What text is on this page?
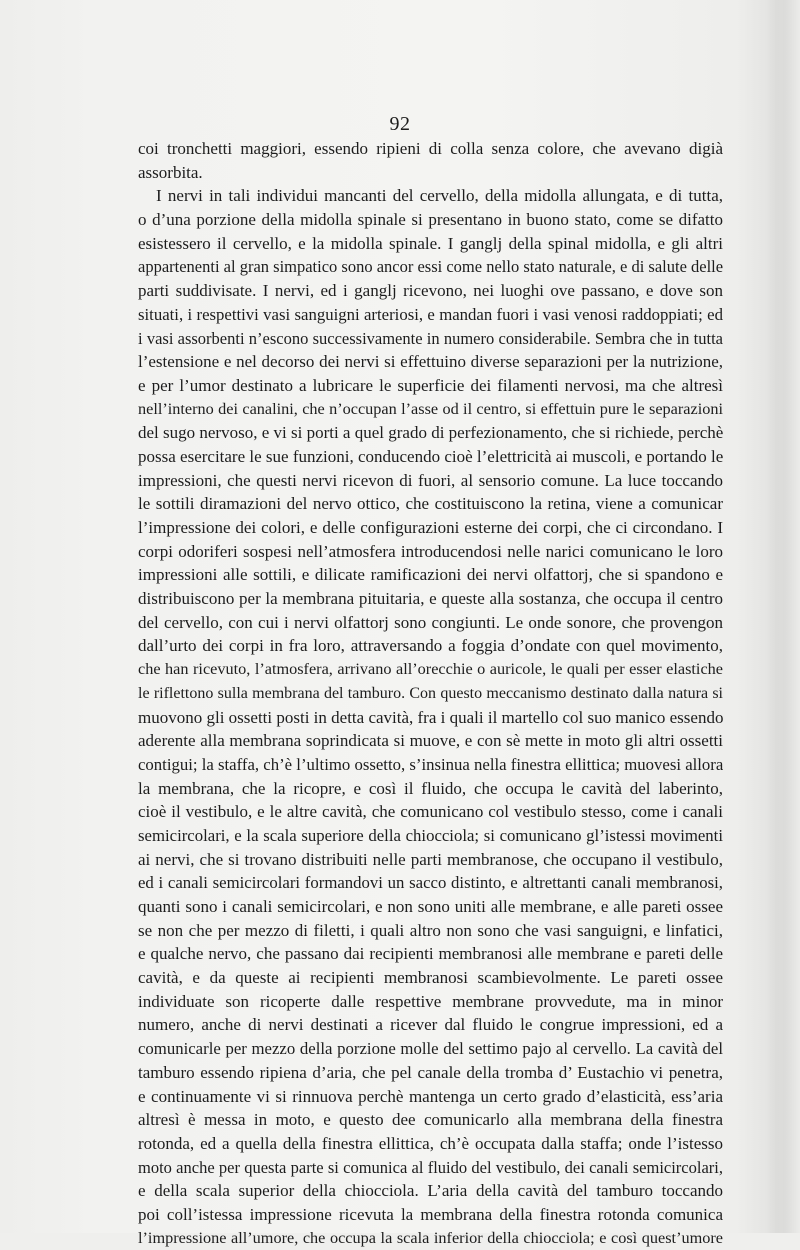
92
coi tronchetti maggiori, essendo ripieni di colla senza colore, che avevano digià
assorbita.
I nervi in tali individui mancanti del cervello, della midolla allungata, e di tutta,
o d’una porzione della midolla spinale si presentano in buono stato, come se difatto
esistessero il cervello, e la midolla spinale. I ganglj della spinal midolla, e gli altri
appartenenti al gran simpatico sono ancor essi come nello stato naturale, e di salute delle
parti suddivisate. I nervi, ed i ganglj ricevono, nei luoghi ove passano, e dove son
situati, i respettivi vasi sanguigni arteriosi, e mandan fuori i vasi venosi raddoppiati; ed
i vasi assorbenti n’escono successivamente in numero considerabile. Sembra che in tutta
l’estensione e nel decorso dei nervi si effettuino diverse separazioni per la nutrizione,
e per l’umor destinato a lubricare le superficie dei filamenti nervosi, ma che altresì
nell’interno dei canalini, che n’occupan l’asse od il centro, si effettuin pure le separazioni
del sugo nervoso, e vi si porti a quel grado di perfezionamento, che si richiede, perchè
possa esercitare le sue funzioni, conducendo cioè l’elettricità ai muscoli, e portando le
impressioni, che questi nervi ricevon di fuori, al sensorio comune. La luce toccando
le sottili diramazioni del nervo ottico, che costituiscono la retina, viene a comunicar
l’impressione dei colori, e delle configurazioni esterne dei corpi, che ci circondano. I
corpi odoriferi sospesi nell’atmosfera introducendosi nelle narici comunicano le loro
impressioni alle sottili, e dilicate ramificazioni dei nervi olfattorj, che si spandono e
distribuiscono per la membrana pituitaria, e queste alla sostanza, che occupa il centro
del cervello, con cui i nervi olfattorj sono congiunti. Le onde sonore, che provengon
dall’urto dei corpi in fra loro, attraversando a foggia d’ondate con quel movimento,
che han ricevuto, l’atmosfera, arrivano all’orecchie o auricole, le quali per esser elastiche
le riflettono sulla membrana del tamburo. Con questo meccanismo destinato dalla natura si
muovono gli ossetti posti in detta cavità, fra i quali il martello col suo manico essendo
aderente alla membrana soprindicata si muove, e con sè mette in moto gli altri ossetti
contigui; la staffa, ch’è l’ultimo ossetto, s’insinua nella finestra ellittica; muovesi allora
la membrana, che la ricopre, e così il fluido, che occupa le cavità del laberinto,
cioè il vestibulo, e le altre cavità, che comunicano col vestibulo stesso, come i canali
semicircolari, e la scala superiore della chiocciola; si comunicano gl’istessi movimenti
ai nervi, che si trovano distribuiti nelle parti membranose, che occupano il vestibulo,
ed i canali semicircolari formandovi un sacco distinto, e altrettanti canali membranosi,
quanti sono i canali semicircolari, e non sono uniti alle membrane, e alle pareti ossee
se non che per mezzo di filetti, i quali altro non sono che vasi sanguigni, e linfatici,
e qualche nervo, che passano dai recipienti membranosi alle membrane e pareti delle
cavità, e da queste ai recipienti membranosi scambievolmente. Le pareti ossee
individuate son ricoperte dalle respettive membrane provvedute, ma in minor
numero, anche di nervi destinati a ricever dal fluido le congrue impressioni, ed a
comunicarle per mezzo della porzione molle del settimo pajo al cervello. La cavità del
tamburo essendo ripiena d’aria, che pel canale della tromba d’ Eustachio vi penetra,
e continuamente vi si rinnuova perchè mantenga un certo grado d’elasticità, ess’aria
altresì è messa in moto, e questo dee comunicarlo alla membrana della finestra
rotonda, ed a quella della finestra ellittica, ch’è occupata dalla staffa; onde l’istesso
moto anche per questa parte si comunica al fluido del vestibulo, dei canali semicircolari,
e della scala superior della chiocciola. L’aria della cavità del tamburo toccando
poi coll’istessa impressione ricevuta la membrana della finestra rotonda comunica
l’impressione all’umore, che occupa la scala inferior della chiocciola; e così quest’umore
